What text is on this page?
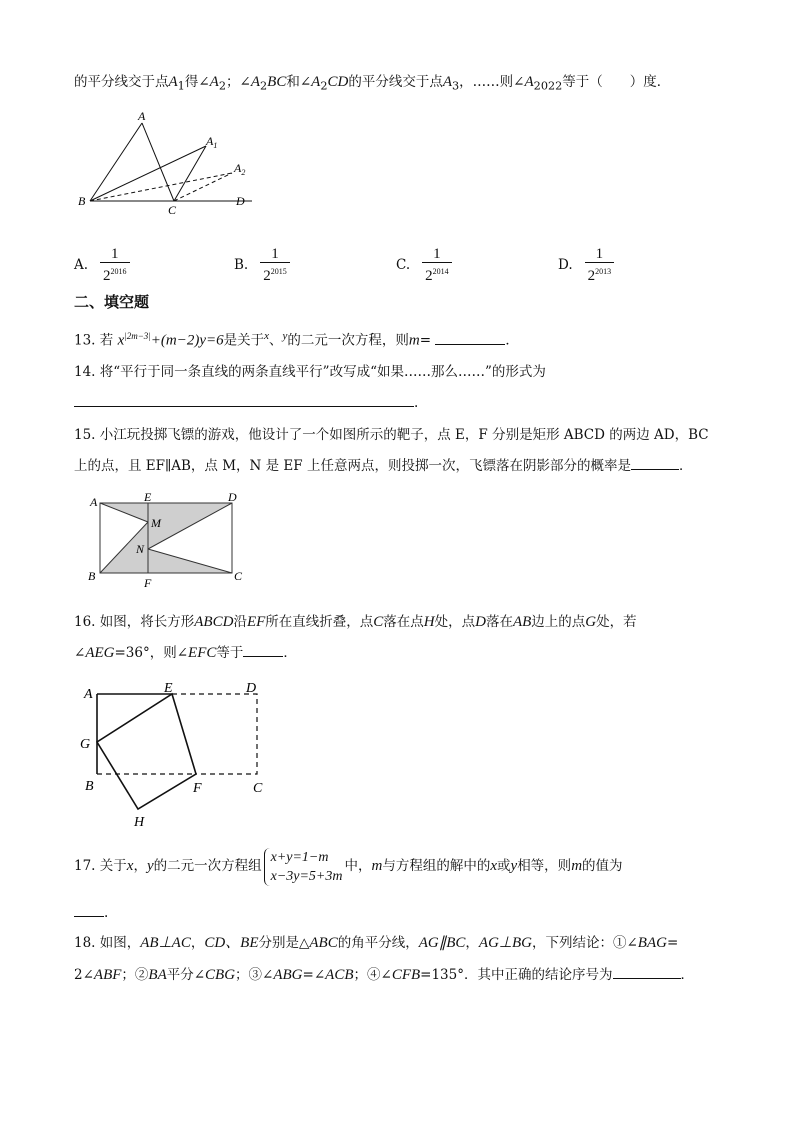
的平分线交于点$A_1$得$\angle A_2$；$\angle A_2BC$和$\angle A_2CD$的平分线交于点$A_3$，……则$\angle A_{2022}$等于（　　）度．
A
$A_1$
$A_2$
B
C
D
A. $\frac{1}{2^{2016}}$	B. $\frac{1}{2^{2015}}$	C. $\frac{1}{2^{2014}}$	D. $\frac{1}{2^{2013}}$
二、填空题
13. 若 $x^{|2m-3|}+(m-2)y=6$是关于$^x$、$^y$的二元一次方程，则m=	．
14. 将“平行于同一条直线的两条直线平行”改写成“如果……那么……”的形式为
.
15. 小江玩投掷飞镖的游戏，他设计了一个如图所示的靶子，点 E，F 分别是矩形 ABCD 的两边 AD，BC
上的点，且 EF∥AB，点 M，N 是 EF 上任意两点，则投掷一次，飞镖落在阴影部分的概率是	．
A	E	D
M
N
B	F	C
16. 如图，将长方形ABCD沿EF所在直线折叠，点C落在点H处，点D落在AB边上的点G处，若
∠AEG=36°，则∠EFC等于	．
A	E	D
G
B	F	C
H
17. 关于x，y的二元一次方程组x+y=1−m
x−3y=5+3m中，m与方程组的解中的x或y相等，则m的值为
.
18. 如图，AB⊥AC，CD、BE分别是△ABC的角平分线，AG∥BC，AG⊥BG，下列结论：①∠BAG=
2∠ABF；②BA平分∠CBG；③∠ABG=∠ACB；④∠CFB=135°．其中正确的结论序号为	．
